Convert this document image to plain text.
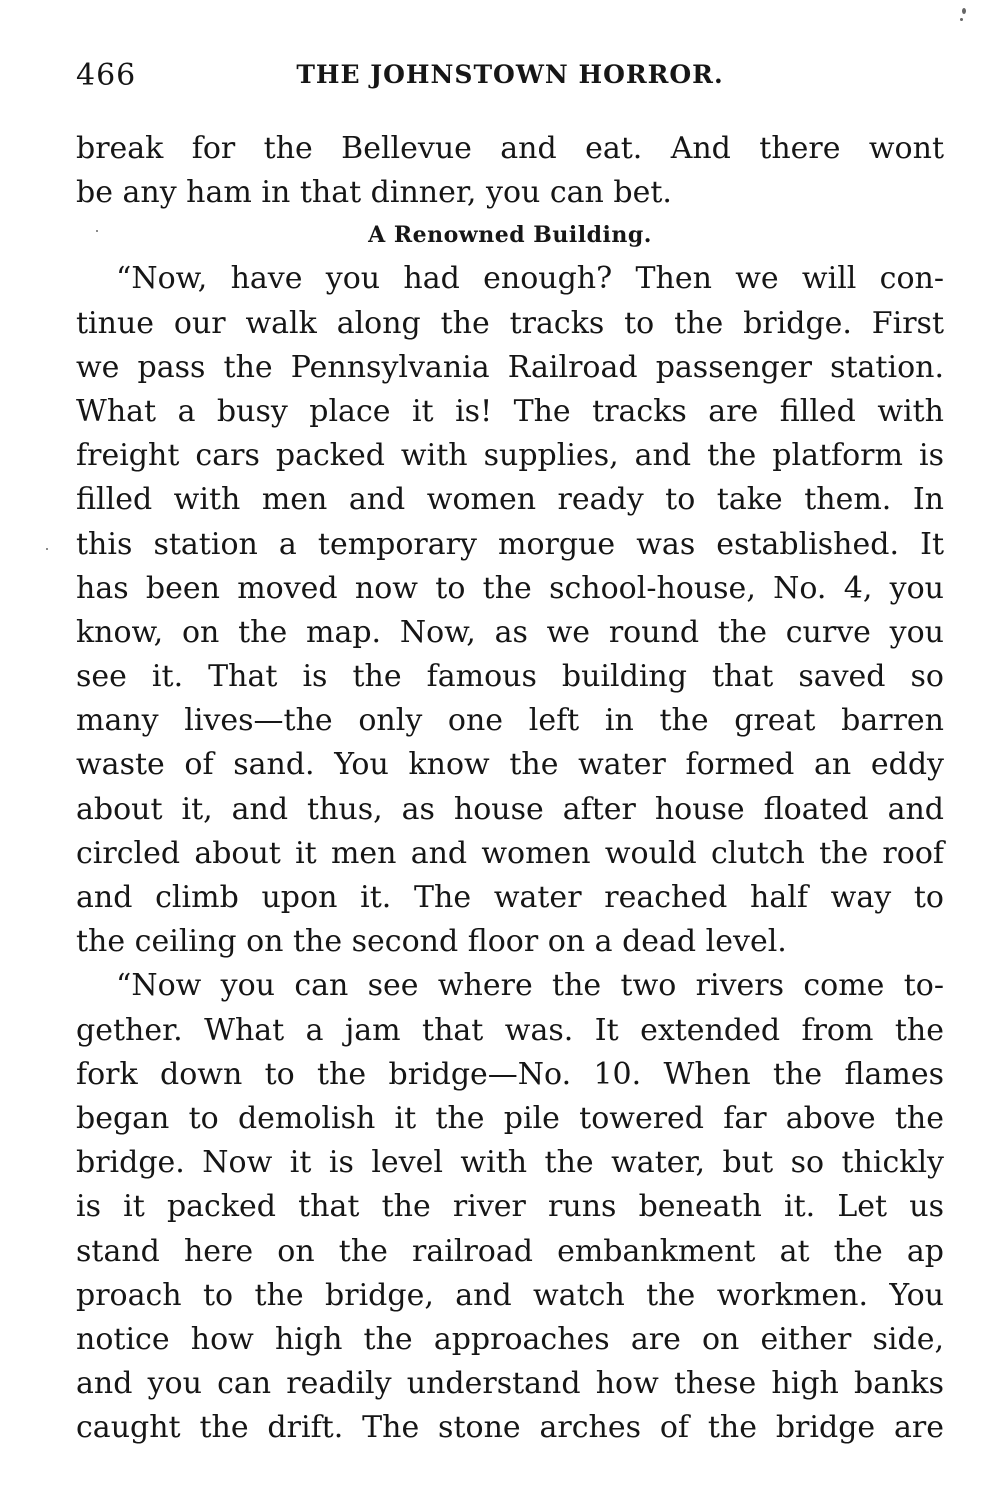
466	THE JOHNSTOWN HORROR.
break for the Bellevue and eat. And there wont
be any ham in that dinner, you can bet.
A Renowned Building.
“Now, have you had enough? Then we will con-
tinue our walk along the tracks to the bridge. First
we pass the Pennsylvania Railroad passenger station.
What a busy place it is! The tracks are filled with
freight cars packed with supplies, and the platform is
filled with men and women ready to take them. In
this station a temporary morgue was established. It
has been moved now to the school-house, No. 4, you
know, on the map. Now, as we round the curve you
see it. That is the famous building that saved so
many lives—the only one left in the great barren
waste of sand. You know the water formed an eddy
about it, and thus, as house after house floated and
circled about it men and women would clutch the roof
and climb upon it. The water reached half way to
the ceiling on the second floor on a dead level.
“Now you can see where the two rivers come to-
gether. What a jam that was. It extended from the
fork down to the bridge—No. 10. When the flames
began to demolish it the pile towered far above the
bridge. Now it is level with the water, but so thickly
is it packed that the river runs beneath it. Let us
stand here on the railroad embankment at the ap
proach to the bridge, and watch the workmen. You
notice how high the approaches are on either side,
and you can readily understand how these high banks
caught the drift. The stone arches of the bridge are
